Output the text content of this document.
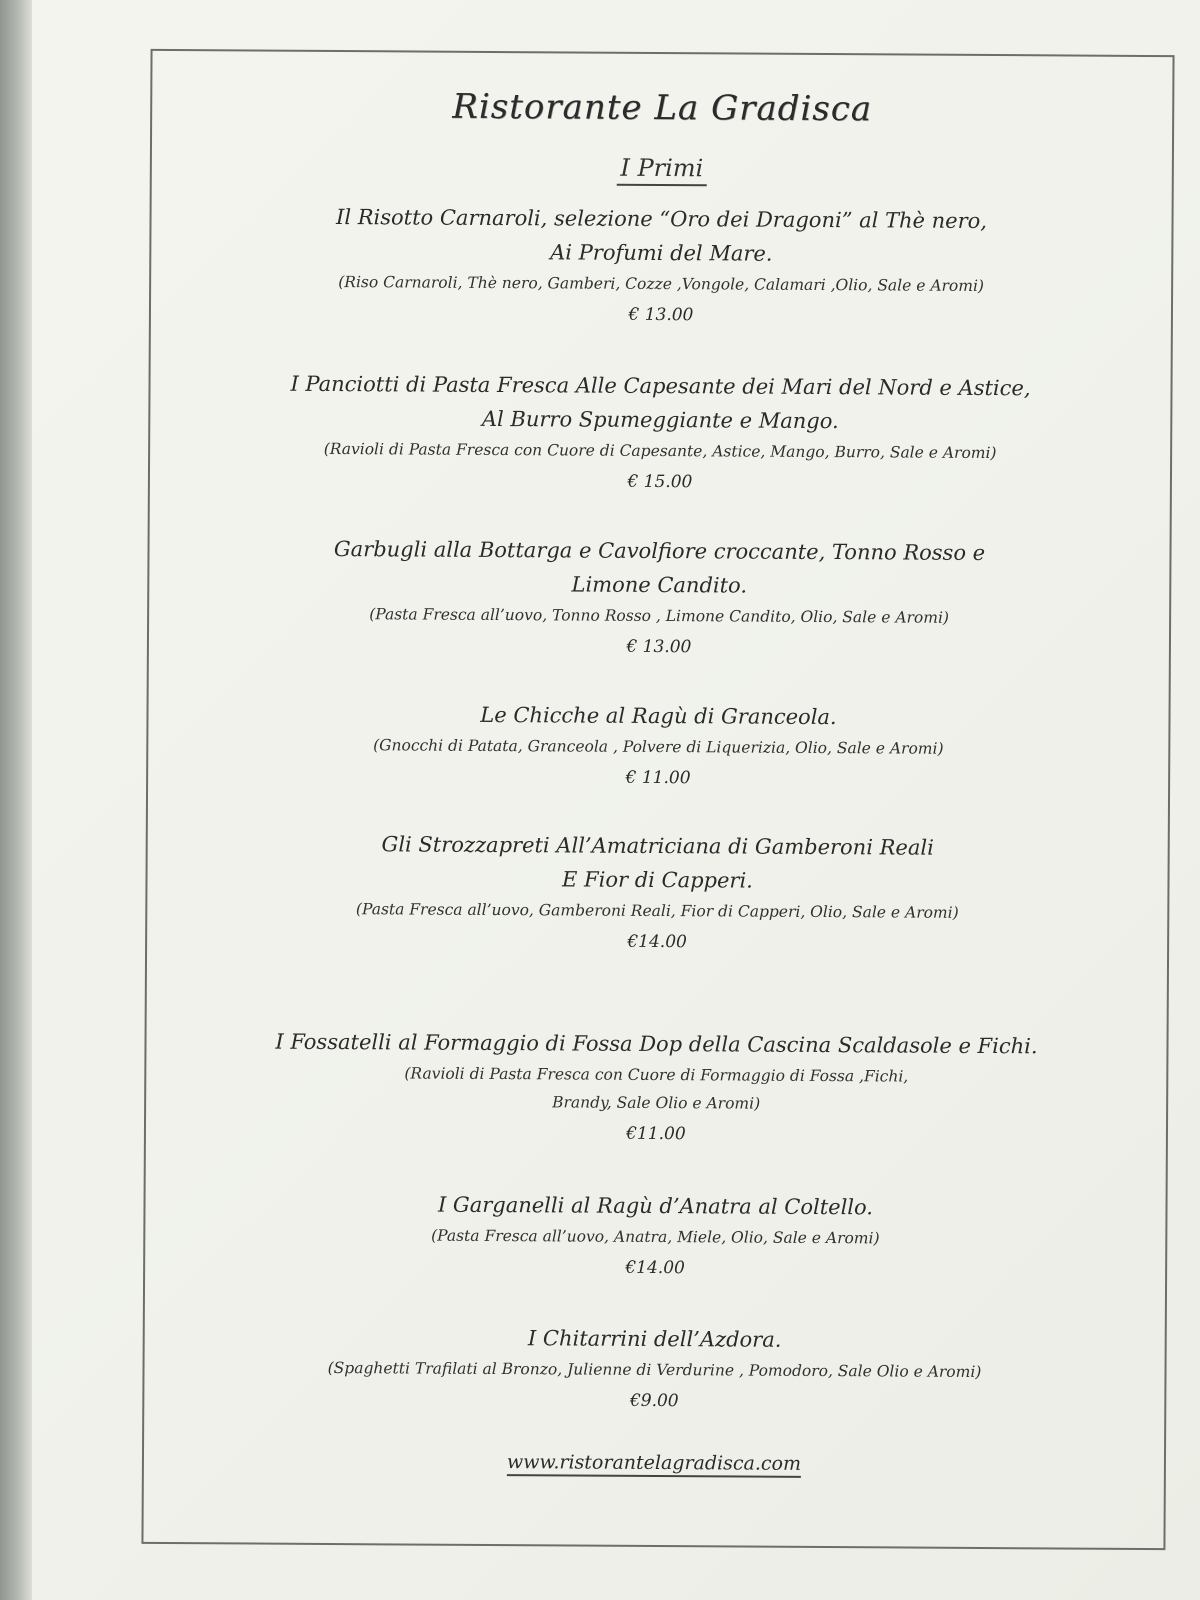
Ristorante La Gradisca
I Primi
Il Risotto Carnaroli, selezione “Oro dei Dragoni” al Thè nero,
Ai Profumi del Mare.
(Riso Carnaroli, Thè nero, Gamberi, Cozze ,Vongole, Calamari ,Olio, Sale e Aromi)
€ 13.00
I Panciotti di Pasta Fresca Alle Capesante dei Mari del Nord e Astice,
Al Burro Spumeggiante e Mango.
(Ravioli di Pasta Fresca con Cuore di Capesante, Astice, Mango, Burro, Sale e Aromi)
€ 15.00
Garbugli alla Bottarga e Cavolfiore croccante, Tonno Rosso e
Limone Candito.
(Pasta Fresca all’uovo, Tonno Rosso , Limone Candito, Olio, Sale e Aromi)
€ 13.00
Le Chicche al Ragù di Granceola.
(Gnocchi di Patata, Granceola , Polvere di Liquerizia, Olio, Sale e Aromi)
€ 11.00
Gli Strozzapreti All’Amatriciana di Gamberoni Reali
E Fior di Capperi.
(Pasta Fresca all’uovo, Gamberoni Reali, Fior di Capperi, Olio, Sale e Aromi)
€14.00
I Fossatelli al Formaggio di Fossa Dop della Cascina Scaldasole e Fichi.
(Ravioli di Pasta Fresca con Cuore di Formaggio di Fossa ,Fichi,
Brandy, Sale Olio e Aromi)
€11.00
I Garganelli al Ragù d’Anatra al Coltello.
(Pasta Fresca all’uovo, Anatra, Miele, Olio, Sale e Aromi)
€14.00
I Chitarrini dell’Azdora.
(Spaghetti Trafilati al Bronzo, Julienne di Verdurine , Pomodoro, Sale Olio e Aromi)
€9.00
www.ristorantelagradisca.com
